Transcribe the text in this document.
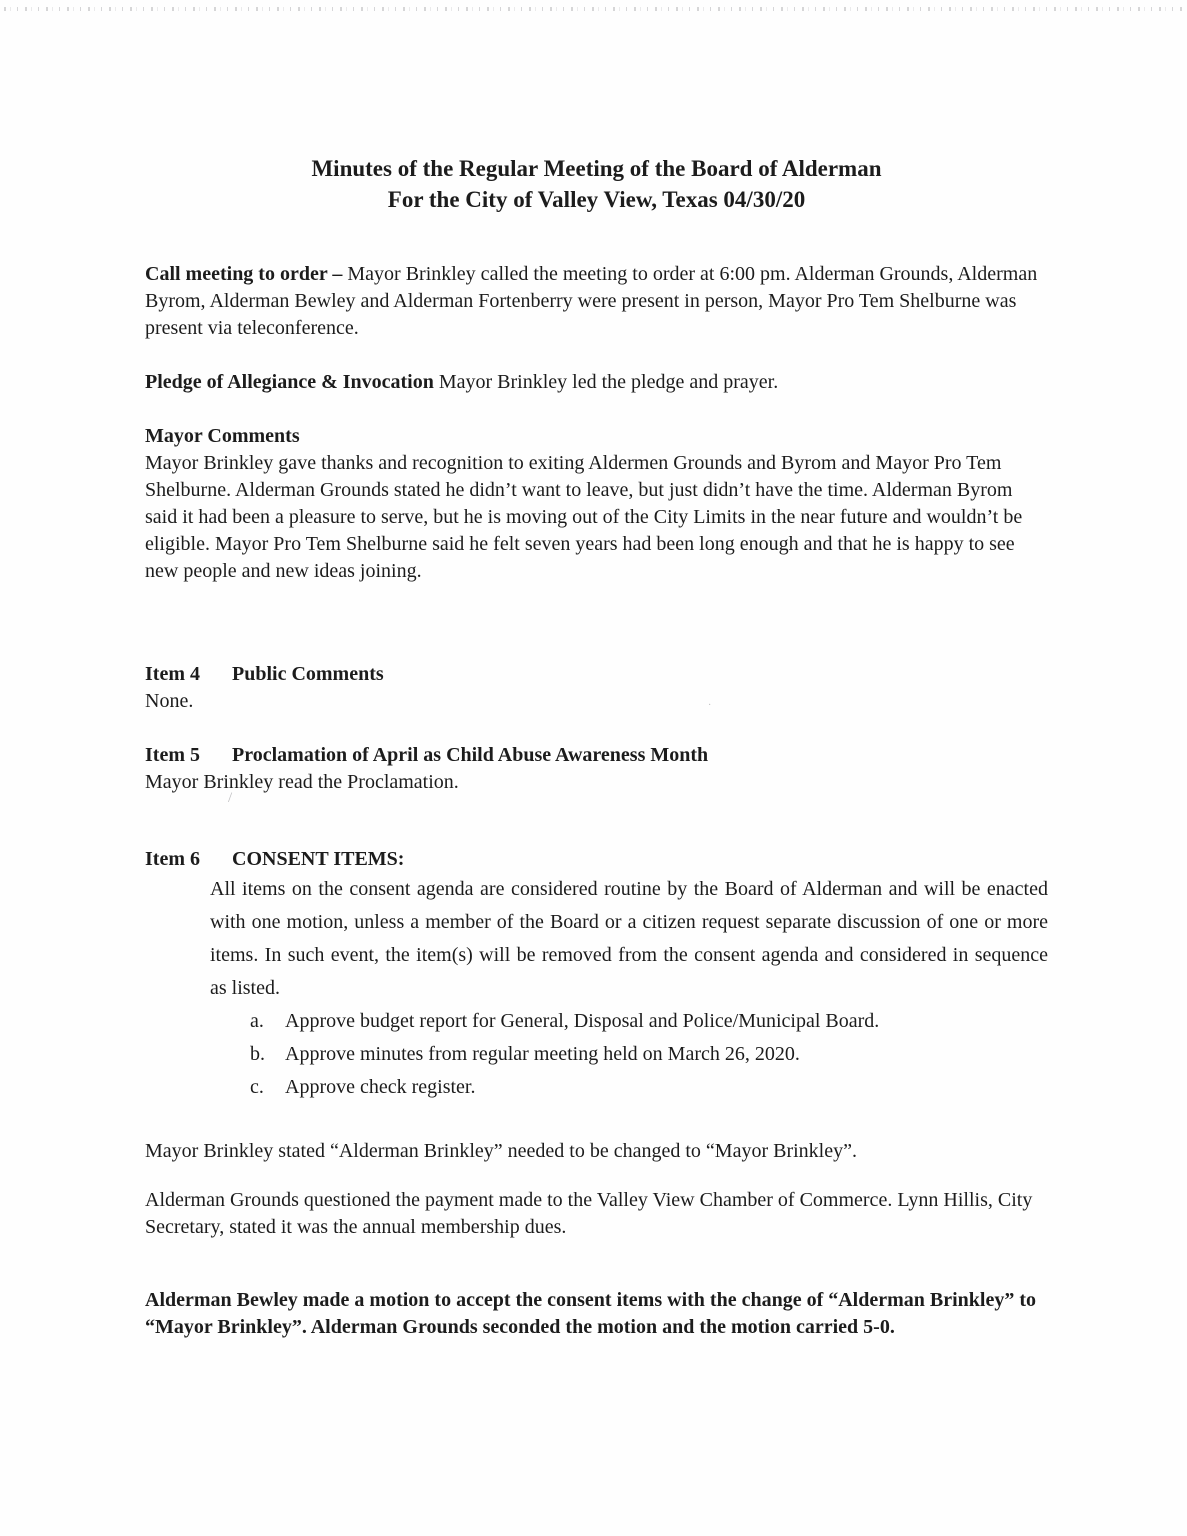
/
·
Minutes of the Regular Meeting of the Board of Alderman
For the City of Valley View, Texas 04/30/20

Call meeting to order – Mayor Brinkley called the meeting to order at 6:00 pm. Alderman Grounds, Alderman Byrom, Alderman Bewley and Alderman Fortenberry were present in person, Mayor Pro Tem Shelburne was present via teleconference.

Pledge of Allegiance & Invocation Mayor Brinkley led the pledge and prayer.

Mayor Comments

Mayor Brinkley gave thanks and recognition to exiting Aldermen Grounds and Byrom and Mayor Pro Tem Shelburne. Alderman Grounds stated he didn’t want to leave, but just didn’t have the time. Alderman Byrom said it had been a pleasure to serve, but he is moving out of the City Limits in the near future and wouldn’t be eligible. Mayor Pro Tem Shelburne said he felt seven years had been long enough and that he is happy to see new people and new ideas joining.

Item 4 Public Comments

None.

Item 5 Proclamation of April as Child Abuse Awareness Month

Mayor Brinkley read the Proclamation.

Item 6 CONSENT ITEMS:

All items on the consent agenda are considered routine by the Board of Alderman and will be enacted with one motion, unless a member of the Board or a citizen request separate discussion of one or more items. In such event, the item(s) will be removed from the consent agenda and considered in sequence as listed.

a. Approve budget report for General, Disposal and Police/Municipal Board.
b. Approve minutes from regular meeting held on March 26, 2020.
c. Approve check register.

Mayor Brinkley stated “Alderman Brinkley” needed to be changed to “Mayor Brinkley”.

Alderman Grounds questioned the payment made to the Valley View Chamber of Commerce. Lynn Hillis, City Secretary, stated it was the annual membership dues.

Alderman Bewley made a motion to accept the consent items with the change of “Alderman Brinkley” to “Mayor Brinkley”. Alderman Grounds seconded the motion and the motion carried 5-0.
